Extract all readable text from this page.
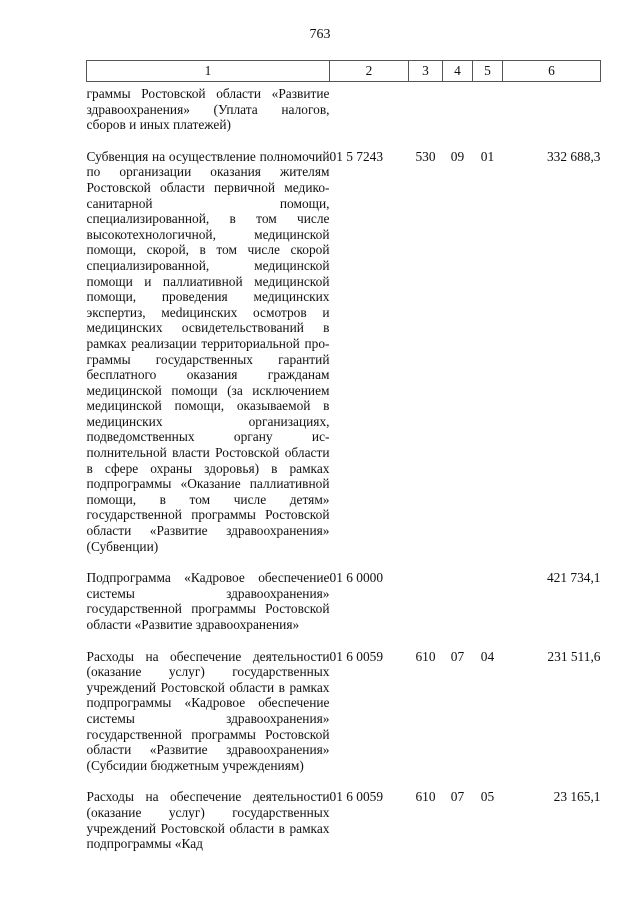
763
1	2	3	4	5	6
граммы Ростовской области «Развитие здравоохранения» (Уплата налогов, сборов и иных платежей)					
Субвенция на осуществление полномочий по организации оказания жителям Ростовской области первичной медико-санитарной помощи, специализированной, в том числе высокотехнологичной, медицинской помощи, скорой, в том числе скорой специализированной, медицинской помощи и паллиативной медицинской помощи, проведения медицинских экспертиз, меdицинских осмотров и медицинских освидетельствований в рамках реализации территориальной программы государственных гарантий бесплатного оказания гражданам медицинской помощи (за исключением медицинской помощи, оказываемой в медицинских организациях, подведомственных органу исполнительной власти Ростовской области в сфере охраны здоровья) в рамках подпрограммы «Оказание паллиативной помощи, в том числе детям» государственной программы Ростовской области «Развитие здравоохранения» (Субвенции)	01 5 7243	530	09	01	332 688,3
Подпрограмма «Кадровое обеспечение системы здравоохранения» государственной программы Ростовской области «Развитие здравоохранения»	01 6 0000				421 734,1
Расходы на обеспечение деятельности (оказание услуг) государственных учреждений Ростовской области в рамках подпрограммы «Кадровое обеспечение системы здравоохранения» государственной программы Ростовской области «Развитие здравоохранения» (Субсидии бюджетным учреждениям)	01 6 0059	610	07	04	231 511,6
Расходы на обеспечение деятельности (оказание услуг) государственных учреждений Ростовской области в рамках подпрограммы «Кад	01 6 0059	610	07	05	23 165,1
